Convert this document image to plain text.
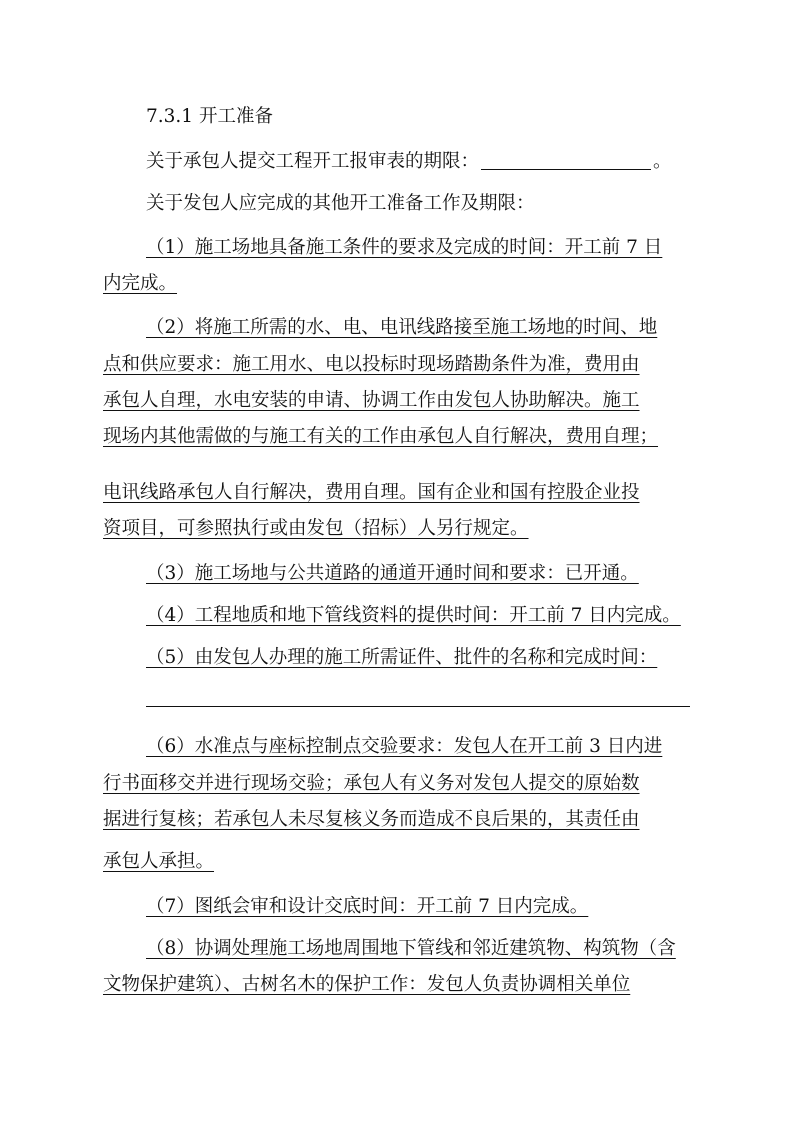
7.3.1 开工准备
关于承包人提交工程开工报审表的期限：	。
关于发包人应完成的其他开工准备工作及期限：
（1）施工场地具备施工条件的要求及完成的时间：开工前 7 日
内完成。
（2）将施工所需的水、电、电讯线路接至施工场地的时间、地
点和供应要求：施工用水、电以投标时现场踏勘条件为准，费用由
承包人自理，水电安装的申请、协调工作由发包人协助解决。施工
现场内其他需做的与施工有关的工作由承包人自行解决，费用自理；
电讯线路承包人自行解决，费用自理。国有企业和国有控股企业投
资项目，可参照执行或由发包（招标）人另行规定。
（3）施工场地与公共道路的通道开通时间和要求：已开通。
（4）工程地质和地下管线资料的提供时间：开工前 7 日内完成。
（5）由发包人办理的施工所需证件、批件的名称和完成时间：
（6）水准点与座标控制点交验要求：发包人在开工前 3 日内进
行书面移交并进行现场交验；承包人有义务对发包人提交的原始数
据进行复核；若承包人未尽复核义务而造成不良后果的，其责任由
承包人承担。
（7）图纸会审和设计交底时间：开工前 7 日内完成。
（8）协调处理施工场地周围地下管线和邻近建筑物、构筑物（含
文物保护建筑）、古树名木的保护工作：发包人负责协调相关单位
